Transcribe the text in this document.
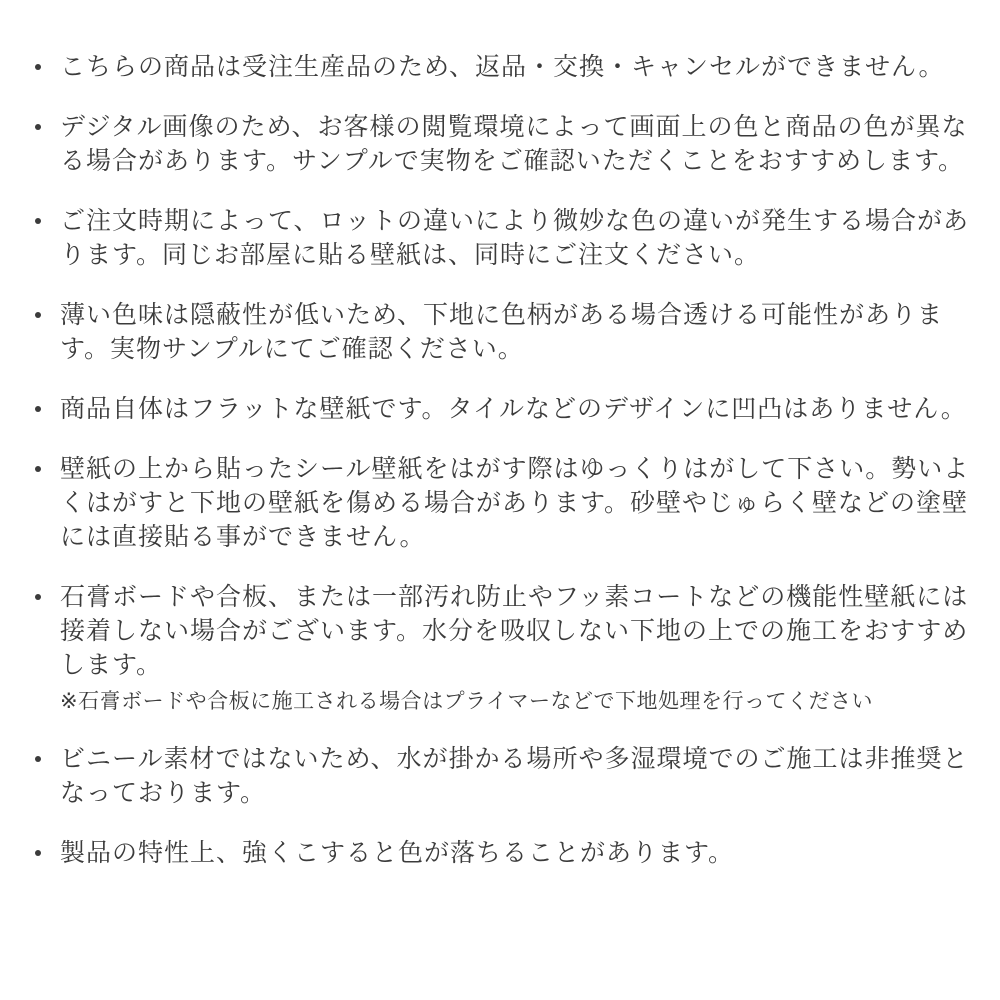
こちらの商品は受注生産品のため、返品・交換・キャンセルができません。

デジタル画像のため、お客様の閲覧環境によって画面上の色と商品の色が異なる場合があります。サンプルで実物をご確認いただくことをおすすめします。

ご注文時期によって、ロットの違いにより微妙な色の違いが発生する場合があります。同じお部屋に貼る壁紙は、同時にご注文ください。

薄い色味は隠蔽性が低いため、下地に色柄がある場合透ける可能性があります。実物サンプルにてご確認ください。

商品自体はフラットな壁紙です。タイルなどのデザインに凹凸はありません。

壁紙の上から貼ったシール壁紙をはがす際はゆっくりはがして下さい。勢いよくはがすと下地の壁紙を傷める場合があります。砂壁やじゅらく壁などの塗壁には直接貼る事ができません。

石膏ボードや合板、または一部汚れ防止やフッ素コートなどの機能性壁紙には接着しない場合がございます。水分を吸収しない下地の上での施工をおすすめします。

※石膏ボードや合板に施工される場合はプライマーなどで下地処理を行ってください

ビニール素材ではないため、水が掛かる場所や多湿環境でのご施工は非推奨となっております。

製品の特性上、強くこすると色が落ちることがあります。
